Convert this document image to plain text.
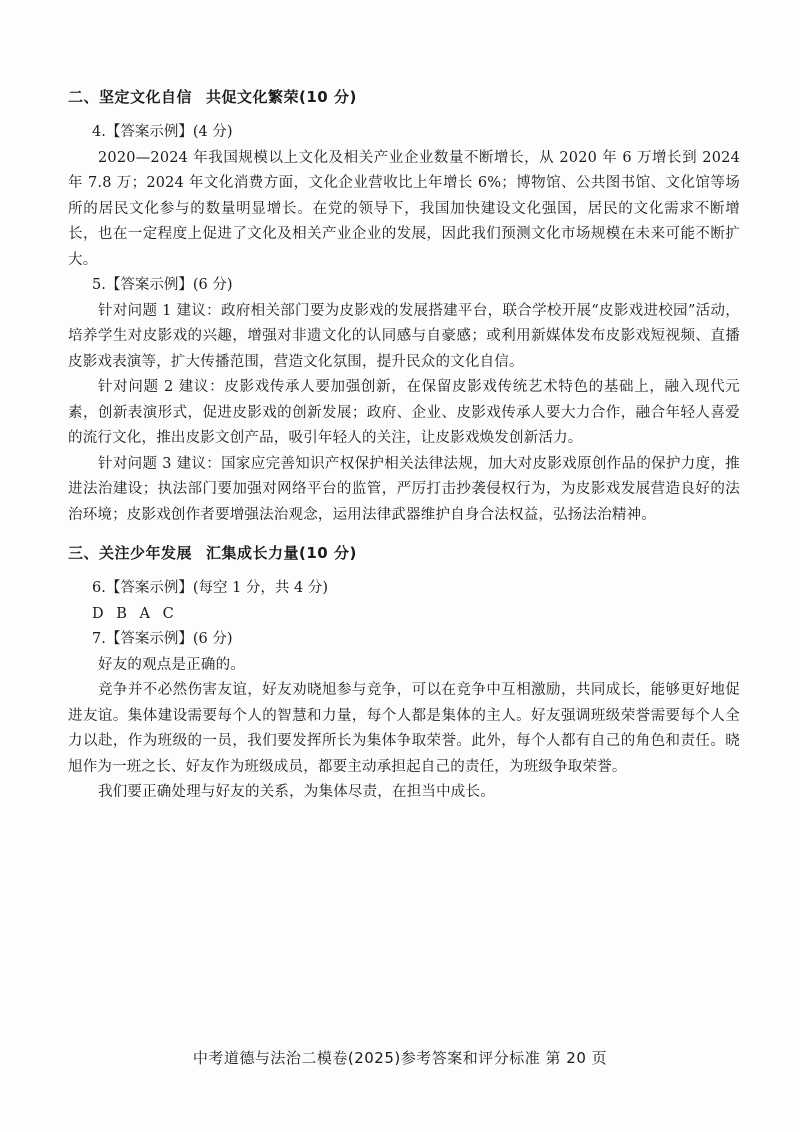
二、坚定文化自信 共促文化繁荣(10 分)

4.【答案示例】(4 分)

2020—2024 年我国规模以上文化及相关产业企业数量不断增长，从 2020 年 6 万增长到 2024 年 7.8 万；2024 年文化消费方面，文化企业营收比上年增长 6%；博物馆、公共图书馆、文化馆等场所的居民文化参与的数量明显增长。在党的领导下，我国加快建设文化强国，居民的文化需求不断增长，也在一定程度上促进了文化及相关产业企业的发展，因此我们预测文化市场规模在未来可能不断扩大。

5.【答案示例】(6 分)

针对问题 1 建议：政府相关部门要为皮影戏的发展搭建平台，联合学校开展“皮影戏进校园”活动，培养学生对皮影戏的兴趣，增强对非遗文化的认同感与自豪感；或利用新媒体发布皮影戏短视频、直播皮影戏表演等，扩大传播范围，营造文化氛围，提升民众的文化自信。

针对问题 2 建议：皮影戏传承人要加强创新，在保留皮影戏传统艺术特色的基础上，融入现代元素，创新表演形式，促进皮影戏的创新发展；政府、企业、皮影戏传承人要大力合作，融合年轻人喜爱的流行文化，推出皮影文创产品，吸引年轻人的关注，让皮影戏焕发创新活力。

针对问题 3 建议：国家应完善知识产权保护相关法律法规，加大对皮影戏原创作品的保护力度，推进法治建设；执法部门要加强对网络平台的监管，严厉打击抄袭侵权行为，为皮影戏发展营造良好的法治环境；皮影戏创作者要增强法治观念，运用法律武器维护自身合法权益，弘扬法治精神。

三、关注少年发展 汇集成长力量(10 分)

6.【答案示例】(每空 1 分，共 4 分)

D B A C

7.【答案示例】(6 分)

好友的观点是正确的。

竞争并不必然伤害友谊，好友劝晓旭参与竞争，可以在竞争中互相激励，共同成长，能够更好地促进友谊。集体建设需要每个人的智慧和力量，每个人都是集体的主人。好友强调班级荣誉需要每个人全力以赴，作为班级的一员，我们要发挥所长为集体争取荣誉。此外，每个人都有自己的角色和责任。晓旭作为一班之长、好友作为班级成员，都要主动承担起自己的责任，为班级争取荣誉。

我们要正确处理与好友的关系，为集体尽责，在担当中成长。

中考道德与法治二模卷(2025)参考答案和评分标准 第 20 页
